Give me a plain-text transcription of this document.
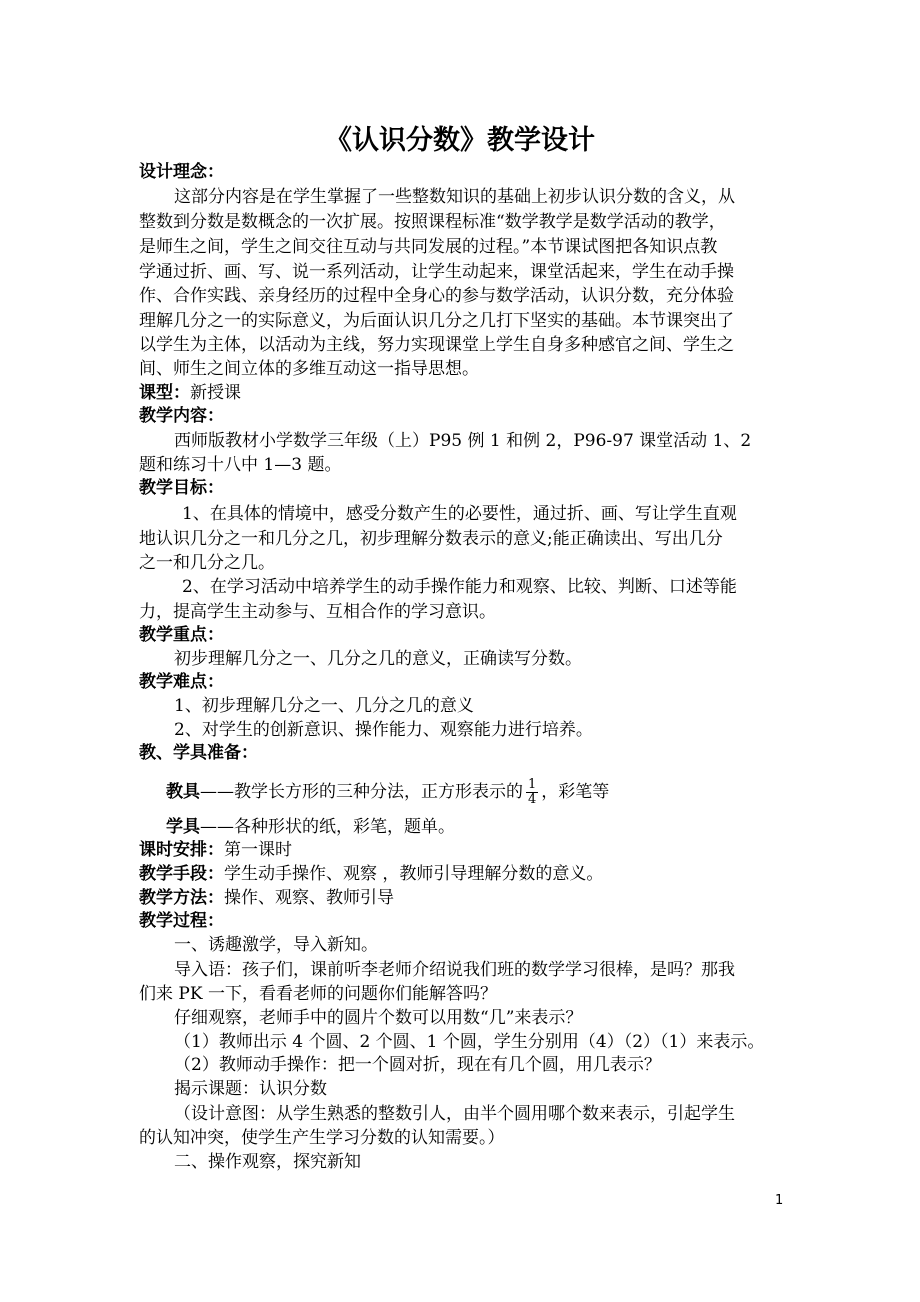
《认识分数》教学设计
设计理念：
这部分内容是在学生掌握了一些整数知识的基础上初步认识分数的含义，从
整数到分数是数概念的一次扩展。按照课程标准“数学教学是数学活动的教学，
是师生之间，学生之间交往互动与共同发展的过程。”本节课试图把各知识点教
学通过折、画、写、说一系列活动，让学生动起来，课堂活起来，学生在动手操
作、合作实践、亲身经历的过程中全身心的参与数学活动，认识分数，充分体验
理解几分之一的实际意义，为后面认识几分之几打下坚实的基础。本节课突出了
以学生为主体，以活动为主线，努力实现课堂上学生自身多种感官之间、学生之
间、师生之间立体的多维互动这一指导思想。
课型：新授课
教学内容：
西师版教材小学数学三年级（上）P95 例 1 和例 2，P96-97 课堂活动 1、2
题和练习十八中 1—3 题。
教学目标：
1、在具体的情境中，感受分数产生的必要性，通过折、画、写让学生直观
地认识几分之一和几分之几，初步理解分数表示的意义;能正确读出、写出几分
之一和几分之几。
2、在学习活动中培养学生的动手操作能力和观察、比较、判断、口述等能
力，提高学生主动参与、互相合作的学习意识。
教学重点：
初步理解几分之一、几分之几的意义，正确读写分数。
教学难点：
1、初步理解几分之一、几分之几的意义
2、对学生的创新意识、操作能力、观察能力进行培养。
教、学具准备：
教具——教学长方形的三种分法，正方形表示的 $\frac{1}{4}$ ，彩笔等
学具——各种形状的纸，彩笔，题单。
课时安排：第一课时
教学手段：学生动手操作、观察 ，教师引导理解分数的意义。
教学方法：操作、观察、教师引导
教学过程：
一、诱趣激学，导入新知。
导入语：孩子们，课前听李老师介绍说我们班的数学学习很棒，是吗？那我
们来 PK 一下，看看老师的问题你们能解答吗？
仔细观察，老师手中的圆片个数可以用数“几”来表示？
（1）教师出示 4 个圆、2 个圆、1 个圆，学生分别用（4）（2）（1）来表示。
（2）教师动手操作：把一个圆对折，现在有几个圆，用几表示？
揭示课题：认识分数
（设计意图：从学生熟悉的整数引人，由半个圆用哪个数来表示，引起学生
的认知冲突，使学生产生学习分数的认知需要。）
二、操作观察，探究新知
1
